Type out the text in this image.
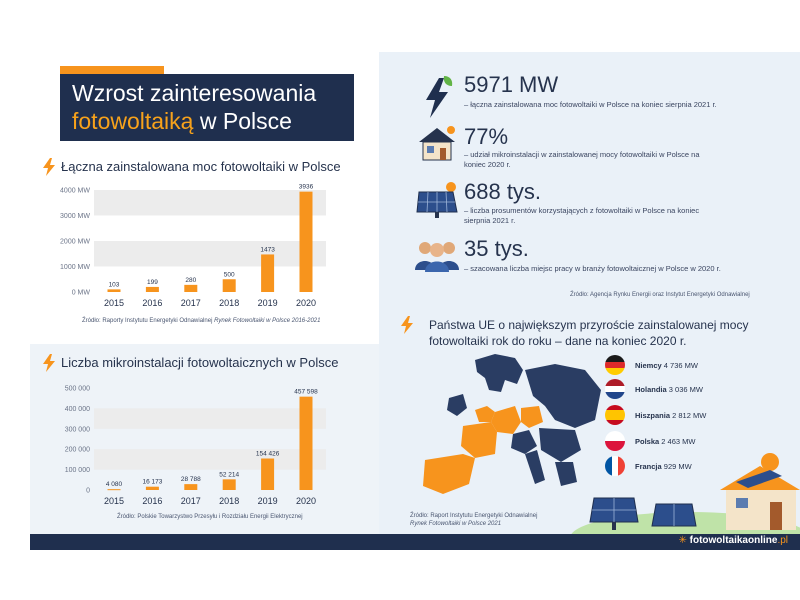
Wzrost zainteresowania
fotowoltaiką w Polsce
Łączna zainstalowana moc fotowoltaiki w Polsce
0 MW
1000 MW
2000 MW
3000 MW
4000 MW
103
2015
199
2016
280
2017
500
2018
1473
2019
3936
2020
Źródło: Raporty Instytutu Energetyki Odnawialnej Rynek Fotowoltaiki w Polsce 2016-2021
Liczba mikroinstalacji fotowoltaicznych w Polsce
0
100 000
200 000
300 000
400 000
500 000
4 080
2015
16 173
2016
28 788
2017
52 214
2018
154 426
2019
457 598
2020
Źródło: Polskie Towarzystwo Przesyłu i Rozdziału Energii Elektrycznej
5971 MW
– łączna zainstalowana moc fotowoltaiki w Polsce na koniec sierpnia 2021 r.
77%
– udział mikroinstalacji w zainstalowanej mocy fotowoltaiki w Polsce na koniec 2020 r.
688 tys.
– liczba prosumentów korzystających z fotowoltaiki w Polsce na koniec sierpnia 2021 r.
35 tys.
– szacowana liczba miejsc pracy w branży fotowoltaicznej w Polsce w 2020 r.
Źródło: Agencja Rynku Energii oraz Instytut Energetyki Odnawialnej
Państwa UE o największym przyroście zainstalowanej mocy
fotowoltaiki rok do roku – dane na koniec 2020 r.
Niemcy 4 736 MW
Holandia 3 036 MW
Hiszpania 2 812 MW
Polska 2 463 MW
Francja 929 MW
Źródło: Raport Instytutu Energetyki Odnawialnej
Rynek Fotowoltaiki w Polsce 2021
✳ fotowoltaikaonline.pl
